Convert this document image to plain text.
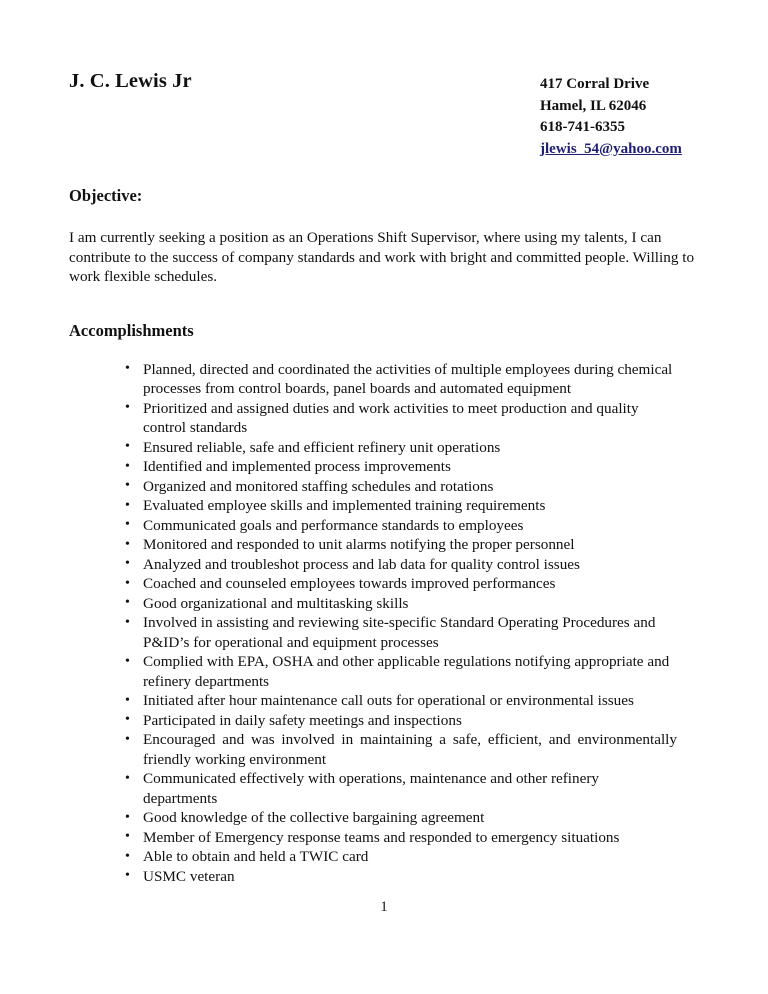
J. C. Lewis Jr	417 Corral Drive
Hamel, IL 62046
618-741-6355
jlewis_54@yahoo.com
Objective:

I am currently seeking a position as an Operations Shift Supervisor, where using my talents, I can contribute to the success of company standards and work with bright and committed people. Willing to work flexible schedules.

Accomplishments
• Planned, directed and coordinated the activities of multiple employees during chemical processes from control boards, panel boards and automated equipment
• Prioritized and assigned duties and work activities to meet production and quality control standards
• Ensured reliable, safe and efficient refinery unit operations
• Identified and implemented process improvements
• Organized and monitored staffing schedules and rotations
• Evaluated employee skills and implemented training requirements
• Communicated goals and performance standards to employees
• Monitored and responded to unit alarms notifying the proper personnel
• Analyzed and troubleshot process and lab data for quality control issues
• Coached and counseled employees towards improved performances
• Good organizational and multitasking skills
• Involved in assisting and reviewing site-specific Standard Operating Procedures and P&ID’s for operational and equipment processes
• Complied with EPA, OSHA and other applicable regulations notifying appropriate and refinery departments
• Initiated after hour maintenance call outs for operational or environmental issues
• Participated in daily safety meetings and inspections
• Encouraged and was involved in maintaining a safe, efficient, and environmentally friendly working environment
• Communicated effectively with operations, maintenance and other refinery departments
• Good knowledge of the collective bargaining agreement
• Member of Emergency response teams and responded to emergency situations
• Able to obtain and held a TWIC card
• USMC veteran
1
